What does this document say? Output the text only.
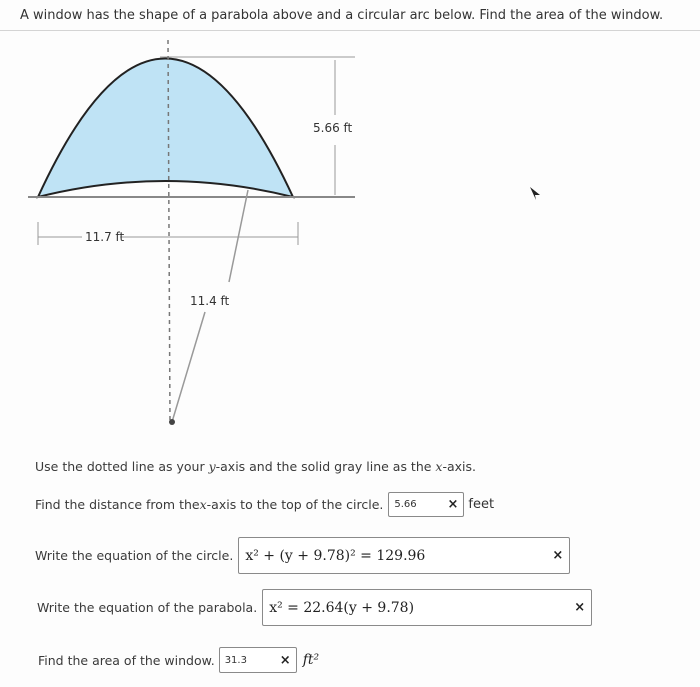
A window has the shape of a parabola above and a circular arc below. Find the area of the window.
5.66 ft
11.7 ft
11.4 ft
Use the dotted line as your y-axis and the solid gray line as the x-axis.
Find the distance from the x -axis to the top of the circle. 5.66 × feet
Write the equation of the circle. x² + (y + 9.78)² = 129.96	×
Write the equation of the parabola. x² = 22.64(y + 9.78)	×
Find the area of the window. 31.3	× ft²
